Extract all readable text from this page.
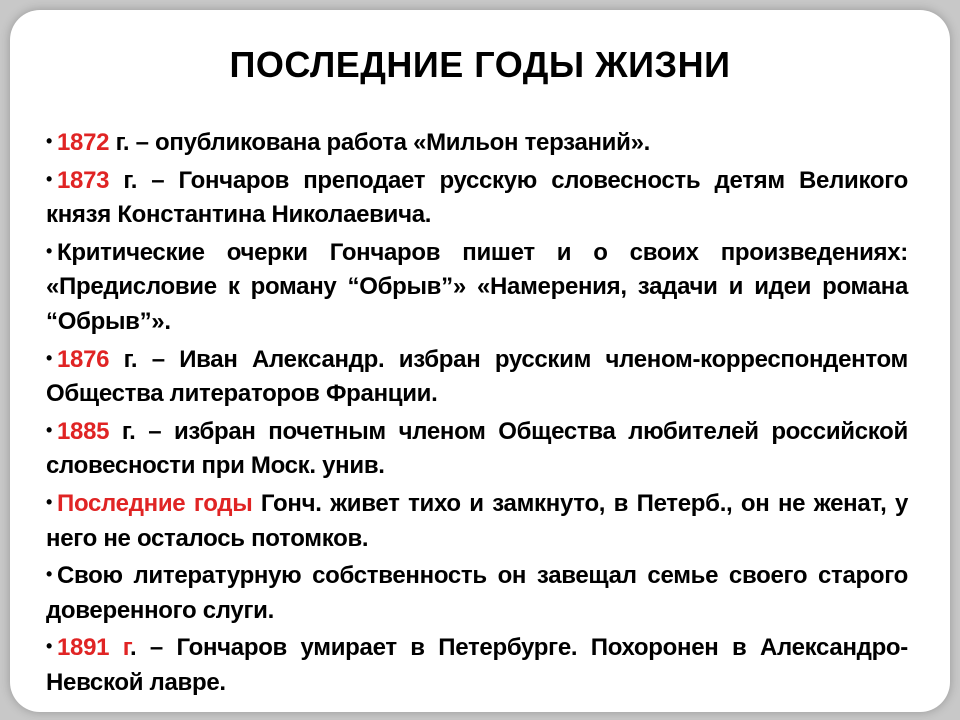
ПОСЛЕДНИЕ ГОДЫ ЖИЗНИ
• 1872 г. – опубликована работа «Мильон терзаний».
• 1873 г. – Гончаров преподает русскую словесность детям Великого князя Константина Николаевича.
• Критические очерки Гончаров пишет и о своих произведениях: «Предисловие к роману “Обрыв”» «Намерения, задачи и идеи романа “Обрыв”».
• 1876 г. – Иван Александр. избран русским членом-корреспондентом Общества литераторов Франции.
• 1885 г. – избран почетным членом Общества любителей российской словесности при Моск. унив.
• Последние годы Гонч. живет тихо и замкнуто, в Петерб., он не женат, у него не осталось потомков.
• Свою литературную собственность он завещал семье своего старого доверенного слуги.
• 1891 г. – Гончаров умирает в Петербурге. Похоронен в Александро-Невской лавре.
